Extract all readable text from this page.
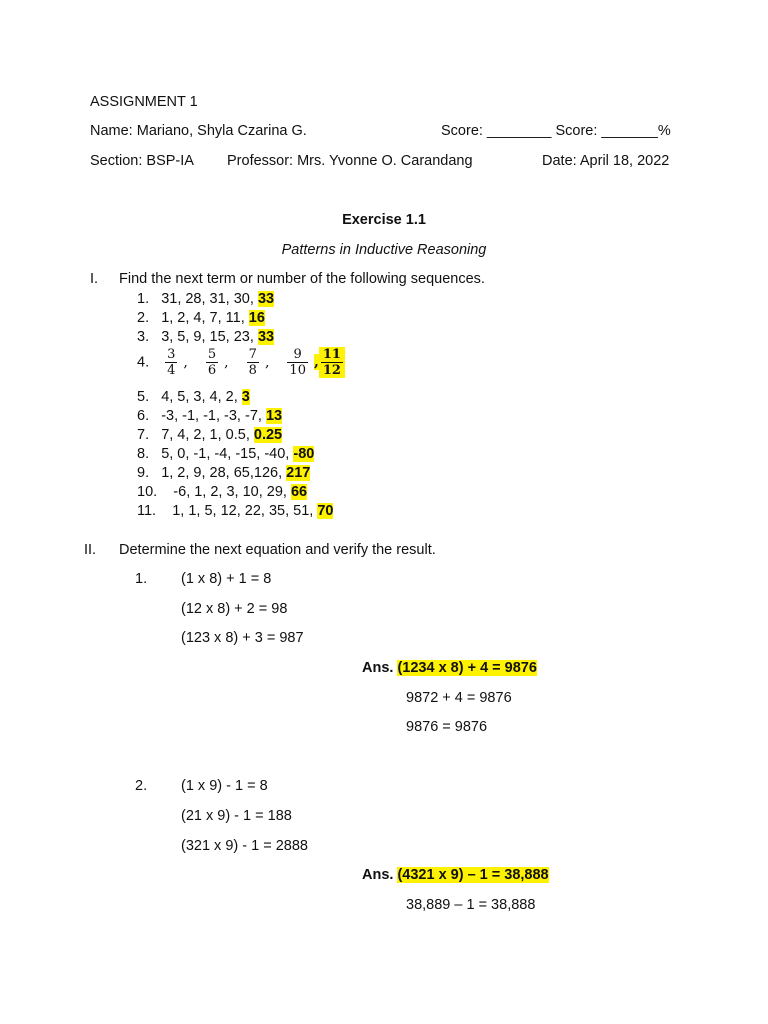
ASSIGNMENT 1
Name: Mariano, Shyla Czarina G.	Score: ________ Score: _______%
Section: BSP-IA Professor: Mrs. Yvonne O. Carandang	Date: April 18, 2022
Exercise 1.1
Patterns in Inductive Reasoning
I. Find the next term or number of the following sequences.
1. 31, 28, 31, 30, 33
2. 1, 2, 4, 7, 11, 16
3. 3, 5, 9, 15, 23, 33
4. $\frac{3}{4}$ , $\frac{5}{6}$ , $\frac{7}{8}$ , $\frac{9}{10}$ , $\frac{11}{12}$
5. 4, 5, 3, 4, 2, 3
6. -3, -1, -1, -3, -7, 13
7. 7, 4, 2, 1, 0.5, 0.25
8. 5, 0, -1, -4, -15, -40, -80
9. 1, 2, 9, 28, 65,126, 217
10. -6, 1, 2, 3, 10, 29, 66
11. 1, 1, 5, 12, 22, 35, 51, 70
II. Determine the next equation and verify the result.
1. (1 x 8) + 1 = 8
(12 x 8) + 2 = 98
(123 x 8) + 3 = 987
Ans. (1234 x 8) + 4 = 9876
9872 + 4 = 9876
9876 = 9876
2. (1 x 9) - 1 = 8
(21 x 9) - 1 = 188
(321 x 9) - 1 = 2888
Ans. (4321 x 9) – 1 = 38,888
38,889 – 1 = 38,888
